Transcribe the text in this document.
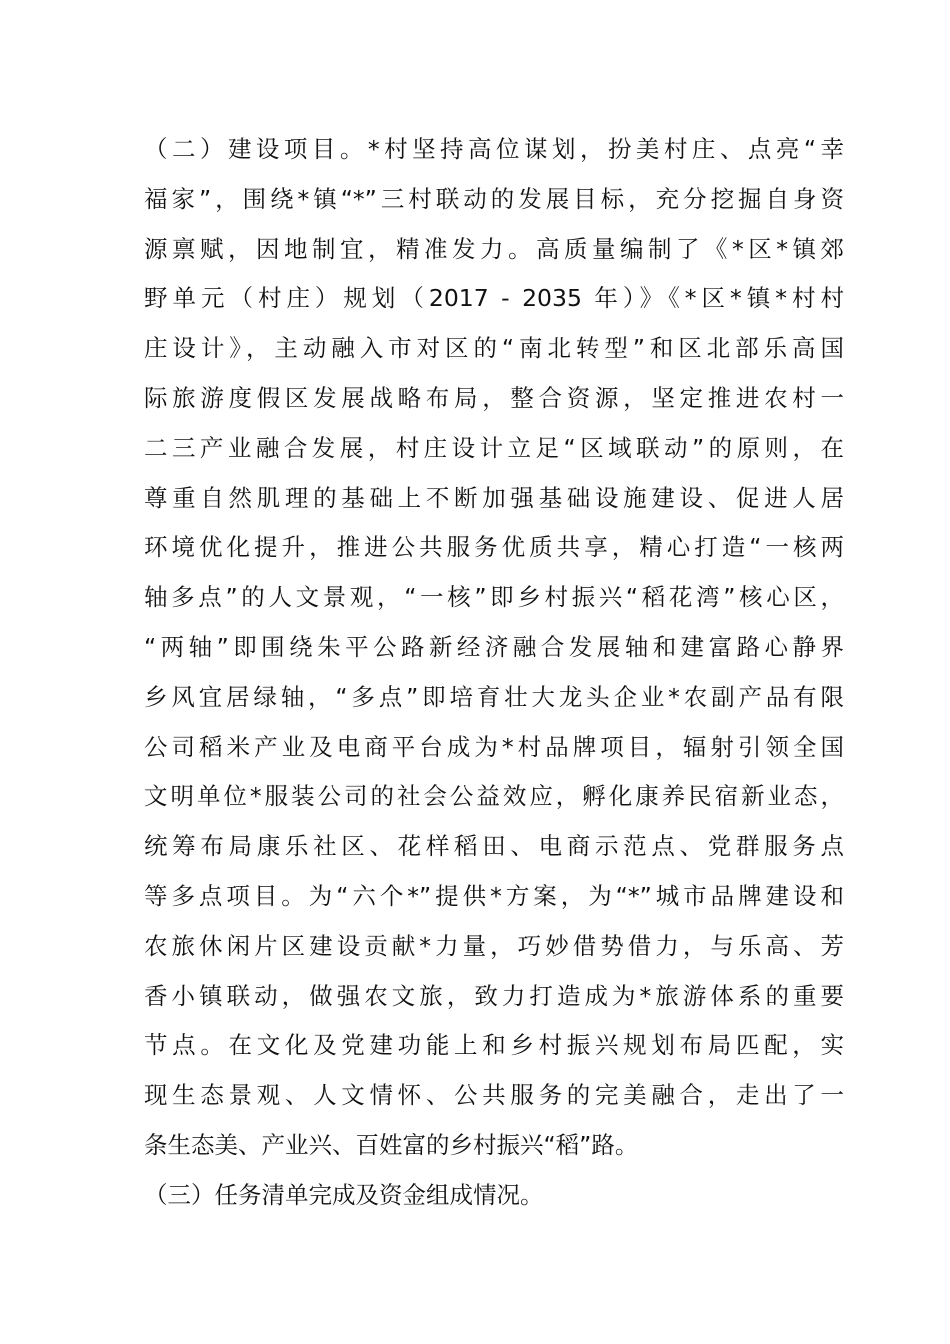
（二）建设项目。*村坚持高位谋划，扮美村庄、点亮“幸
福家”，围绕*镇“*”三村联动的发展目标，充分挖掘自身资
源禀赋，因地制宜，精准发力。高质量编制了《*区*镇郊
野单元（村庄）规划（2017 - 2035 年）》《*区*镇*村村
庄设计》，主动融入市对区的“南北转型”和区北部乐高国
际旅游度假区发展战略布局，整合资源，坚定推进农村一
二三产业融合发展，村庄设计立足“区域联动”的原则，在
尊重自然肌理的基础上不断加强基础设施建设、促进人居
环境优化提升，推进公共服务优质共享，精心打造“一核两
轴多点”的人文景观，“一核”即乡村振兴“稻花湾”核心区，
“两轴”即围绕朱平公路新经济融合发展轴和建富路心静界
乡风宜居绿轴，“多点”即培育壮大龙头企业*农副产品有限
公司稻米产业及电商平台成为*村品牌项目，辐射引领全国
文明单位*服装公司的社会公益效应，孵化康养民宿新业态，
统筹布局康乐社区、花样稻田、电商示范点、党群服务点
等多点项目。为“六个*”提供*方案，为“*”城市品牌建设和
农旅休闲片区建设贡献*力量，巧妙借势借力，与乐高、芳
香小镇联动，做强农文旅，致力打造成为*旅游体系的重要
节点。在文化及党建功能上和乡村振兴规划布局匹配，实
现生态景观、人文情怀、公共服务的完美融合，走出了一
条生态美、产业兴、百姓富的乡村振兴“稻”路。
（三）任务清单完成及资金组成情况。
